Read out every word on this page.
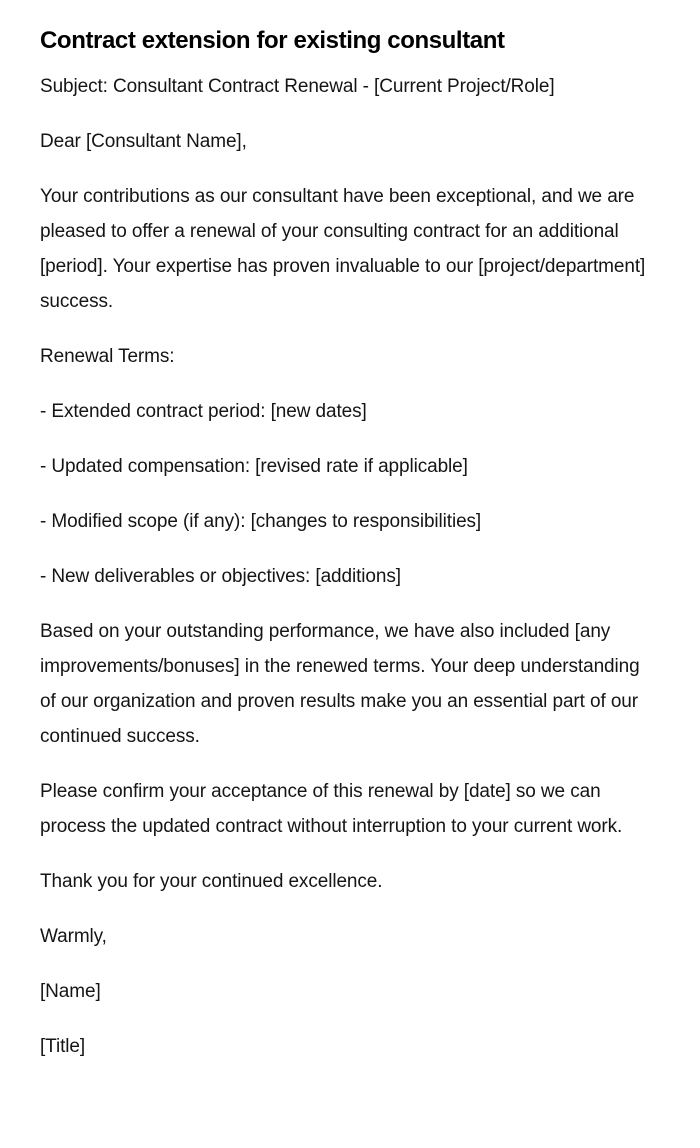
Contract extension for existing consultant

Subject: Consultant Contract Renewal - [Current Project/Role]

Dear [Consultant Name],

Your contributions as our consultant have been exceptional, and we are pleased to offer a renewal of your consulting contract for an additional [period]. Your expertise has proven invaluable to our [project/department] success.

Renewal Terms:

- Extended contract period: [new dates]

- Updated compensation: [revised rate if applicable]

- Modified scope (if any): [changes to responsibilities]

- New deliverables or objectives: [additions]

Based on your outstanding performance, we have also included [any improvements/bonuses] in the renewed terms. Your deep understanding of our organization and proven results make you an essential part of our continued success.

Please confirm your acceptance of this renewal by [date] so we can process the updated contract without interruption to your current work.

Thank you for your continued excellence.

Warmly,

[Name]

[Title]
